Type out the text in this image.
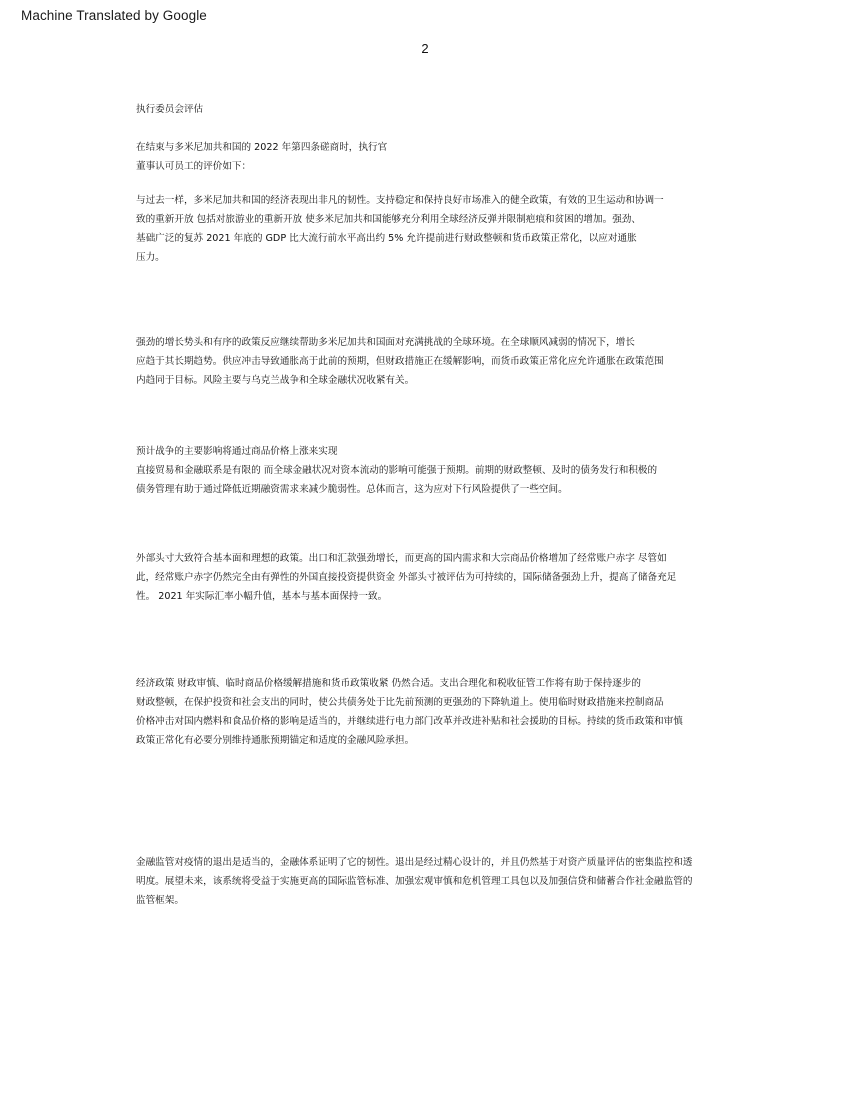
Machine Translated by Google
2
执行委员会评估
在结束与多米尼加共和国的 2022 年第四条磋商时，执行官
董事认可员工的评价如下：
与过去一样，多米尼加共和国的经济表现出非凡的韧性。支持稳定和保持良好市场准入的健全政策，有效的卫生运动和协调一
致的重新开放 包括对旅游业的重新开放 使多米尼加共和国能够充分利用全球经济反弹并限制疤痕和贫困的增加。强劲、
基础广泛的复苏 2021 年底的 GDP 比大流行前水平高出约 5% 允许提前进行财政整顿和货币政策正常化，以应对通胀
压力。
强劲的增长势头和有序的政策反应继续帮助多米尼加共和国面对充满挑战的全球环境。在全球顺风减弱的情况下，增长
应趋于其长期趋势。供应冲击导致通胀高于此前的预期，但财政措施正在缓解影响，而货币政策正常化应允许通胀在政策范围
内趋同于目标。风险主要与乌克兰战争和全球金融状况收紧有关。
预计战争的主要影响将通过商品价格上涨来实现
直接贸易和金融联系是有限的 而全球金融状况对资本流动的影响可能强于预期。前期的财政整顿、及时的债务发行和积极的
债务管理有助于通过降低近期融资需求来减少脆弱性。总体而言，这为应对下行风险提供了一些空间。
外部头寸大致符合基本面和理想的政策。出口和汇款强劲增长，而更高的国内需求和大宗商品价格增加了经常账户赤字 尽管如
此，经常账户赤字仍然完全由有弹性的外国直接投资提供资金 外部头寸被评估为可持续的，国际储备强劲上升，提高了储备充足
性。 2021 年实际汇率小幅升值，基本与基本面保持一致。
经济政策 财政审慎、临时商品价格缓解措施和货币政策收紧 仍然合适。支出合理化和税收征管工作将有助于保持逐步的
财政整顿，在保护投资和社会支出的同时，使公共债务处于比先前预测的更强劲的下降轨道上。使用临时财政措施来控制商品
价格冲击对国内燃料和食品价格的影响是适当的，并继续进行电力部门改革并改进补贴和社会援助的目标。持续的货币政策和审慎
政策正常化有必要分别维持通胀预期锚定和适度的金融风险承担。
金融监管对疫情的退出是适当的，金融体系证明了它的韧性。退出是经过精心设计的，并且仍然基于对资产质量评估的密集监控和透
明度。展望未来，该系统将受益于实施更高的国际监管标准、加强宏观审慎和危机管理工具包以及加强信贷和储蓄合作社金融监管的
监管框架。
